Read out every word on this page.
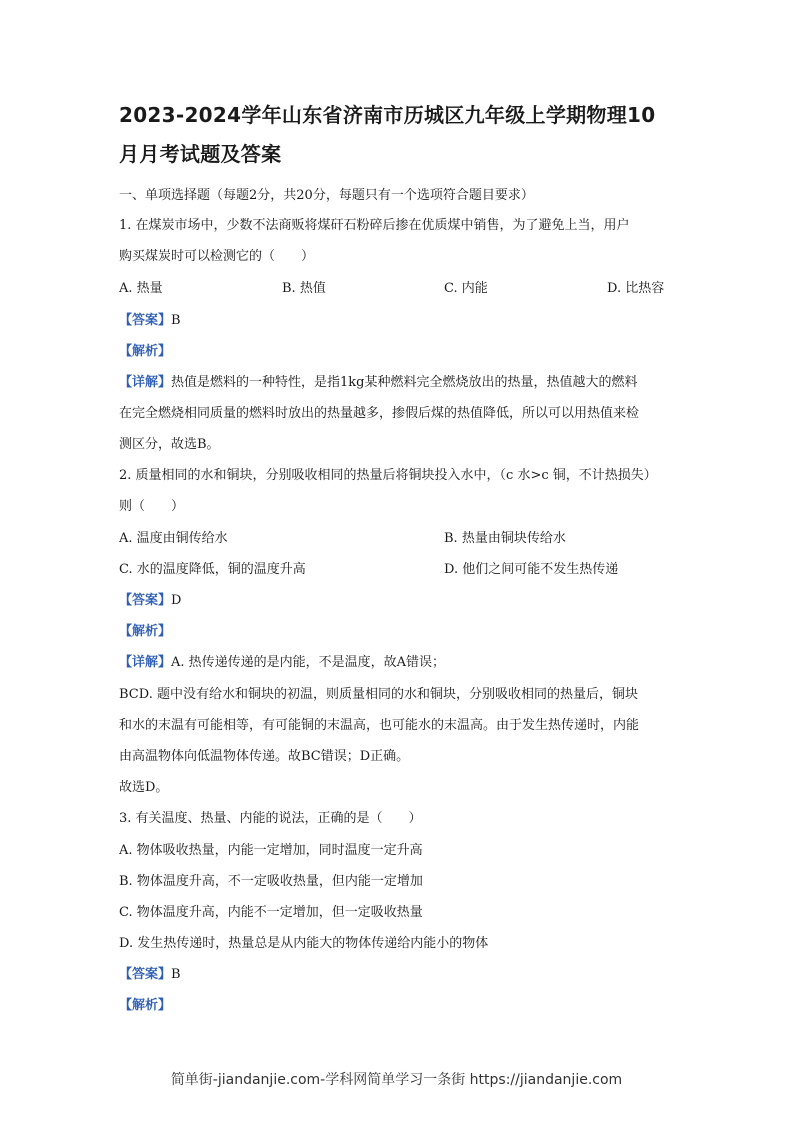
2023-2024学年山东省济南市历城区九年级上学期物理10
月月考试题及答案
一、单项选择题（每题2分，共20分，每题只有一个选项符合题目要求）
1. 在煤炭市场中，少数不法商贩将煤矸石粉碎后掺在优质煤中销售，为了避免上当，用户
购买煤炭时可以检测它的（　　）
A. 热量	B. 热值	C. 内能	D. 比热容
【答案】B
【解析】
【详解】热值是燃料的一种特性，是指1kg某种燃料完全燃烧放出的热量，热值越大的燃料
在完全燃烧相同质量的燃料时放出的热量越多，掺假后煤的热值降低，所以可以用热值来检
测区分，故选B。
2. 质量相同的水和铜块，分别吸收相同的热量后将铜块投入水中，（c 水>c 铜，不计热损失）
则（　　）
A. 温度由铜传给水	B. 热量由铜块传给水
C. 水的温度降低，铜的温度升高	D. 他们之间可能不发生热传递
【答案】D
【解析】
【详解】A. 热传递传递的是内能，不是温度，故A错误；
BCD. 题中没有给水和铜块的初温，则质量相同的水和铜块，分别吸收相同的热量后，铜块
和水的末温有可能相等，有可能铜的末温高，也可能水的末温高。由于发生热传递时，内能
由高温物体向低温物体传递。故BC错误；D正确。
故选D。
3. 有关温度、热量、内能的说法，正确的是（　　）
A. 物体吸收热量，内能一定增加，同时温度一定升高
B. 物体温度升高，不一定吸收热量，但内能一定增加
C. 物体温度升高，内能不一定增加，但一定吸收热量
D. 发生热传递时，热量总是从内能大的物体传递给内能小的物体
【答案】B
【解析】
简单街-jiandanjie.com-学科网简单学习一条街 https://jiandanjie.com
